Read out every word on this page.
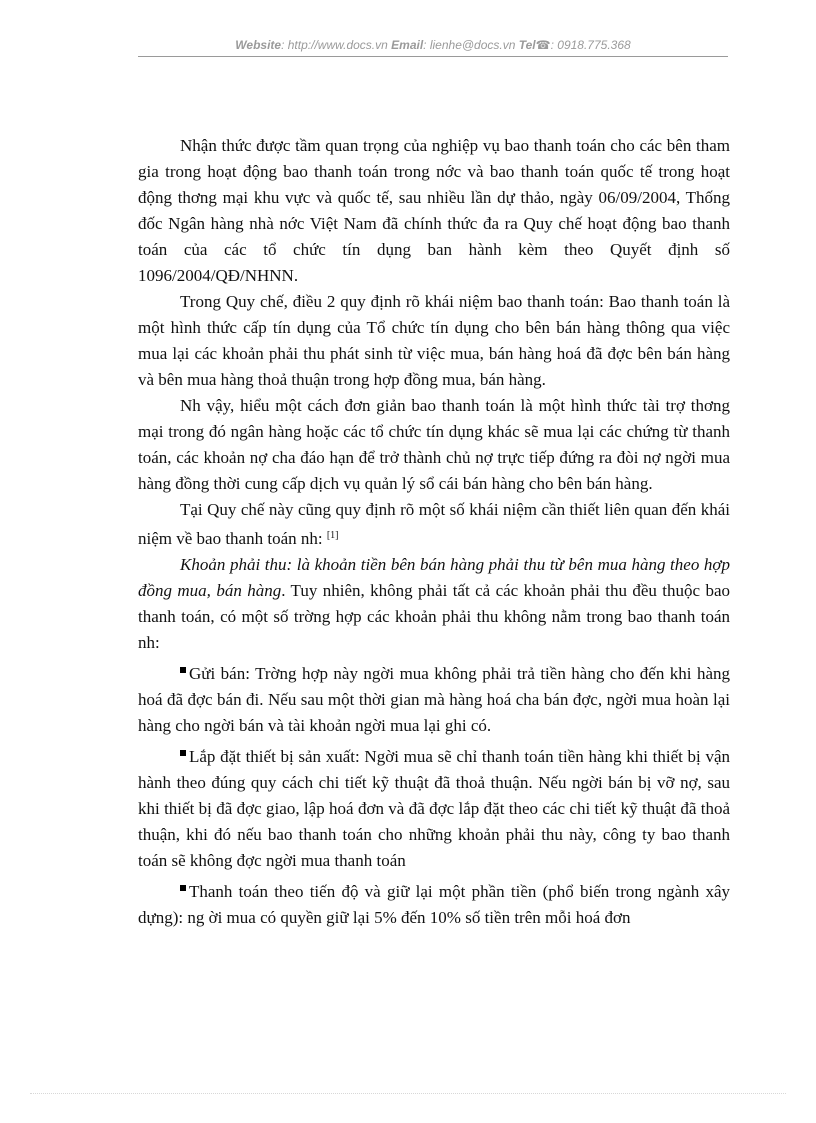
Website: http://www.docs.vn Email: lienhe@docs.vn Tel☎: 0918.775.368

Nhận thức được tầm quan trọng của nghiệp vụ bao thanh toán cho các bên tham gia trong hoạt động bao thanh toán trong nớc và bao thanh toán quốc tế trong hoạt động thơng mại khu vực và quốc tế, sau nhiều lần dự thảo, ngày 06/09/2004, Thống đốc Ngân hàng nhà nớc Việt Nam đã chính thức đa ra Quy chế hoạt động bao thanh toán của các tổ chức tín dụng ban hành kèm theo Quyết định số 1096/2004/QĐ/NHNN.

Trong Quy chế, điều 2 quy định rõ khái niệm bao thanh toán: Bao thanh toán là một hình thức cấp tín dụng của Tổ chức tín dụng cho bên bán hàng thông qua việc mua lại các khoản phải thu phát sinh từ việc mua, bán hàng hoá đã đợc bên bán hàng và bên mua hàng thoả thuận trong hợp đồng mua, bán hàng.

Nh vậy, hiểu một cách đơn giản bao thanh toán là một hình thức tài trợ thơng mại trong đó ngân hàng hoặc các tổ chức tín dụng khác sẽ mua lại các chứng từ thanh toán, các khoản nợ cha đáo hạn để trở thành chủ nợ trực tiếp đứng ra đòi nợ ngời mua hàng đồng thời cung cấp dịch vụ quản lý sổ cái bán hàng cho bên bán hàng.

Tại Quy chế này cũng quy định rõ một số khái niệm cần thiết liên quan đến khái niệm về bao thanh toán nh: [1]

Khoản phải thu: là khoản tiền bên bán hàng phải thu từ bên mua hàng theo hợp đồng mua, bán hàng. Tuy nhiên, không phải tất cả các khoản phải thu đều thuộc bao thanh toán, có một số trờng hợp các khoản phải thu không nằm trong bao thanh toán nh:

Gửi bán: Trờng hợp này ngời mua không phải trả tiền hàng cho đến khi hàng hoá đã đợc bán đi. Nếu sau một thời gian mà hàng hoá cha bán đợc, ngời mua hoàn lại hàng cho ngời bán và tài khoản ngời mua lại ghi có.

Lắp đặt thiết bị sản xuất: Ngời mua sẽ chỉ thanh toán tiền hàng khi thiết bị vận hành theo đúng quy cách chi tiết kỹ thuật đã thoả thuận. Nếu ngời bán bị vỡ nợ, sau khi thiết bị đã đợc giao, lập hoá đơn và đã đợc lắp đặt theo các chi tiết kỹ thuật đã thoả thuận, khi đó nếu bao thanh toán cho những khoản phải thu này, công ty bao thanh toán sẽ không đợc ngời mua thanh toán

Thanh toán theo tiến độ và giữ lại một phần tiền (phổ biến trong ngành xây dựng): ng ời mua có quyền giữ lại 5% đến 10% số tiền trên mỗi hoá đơn
